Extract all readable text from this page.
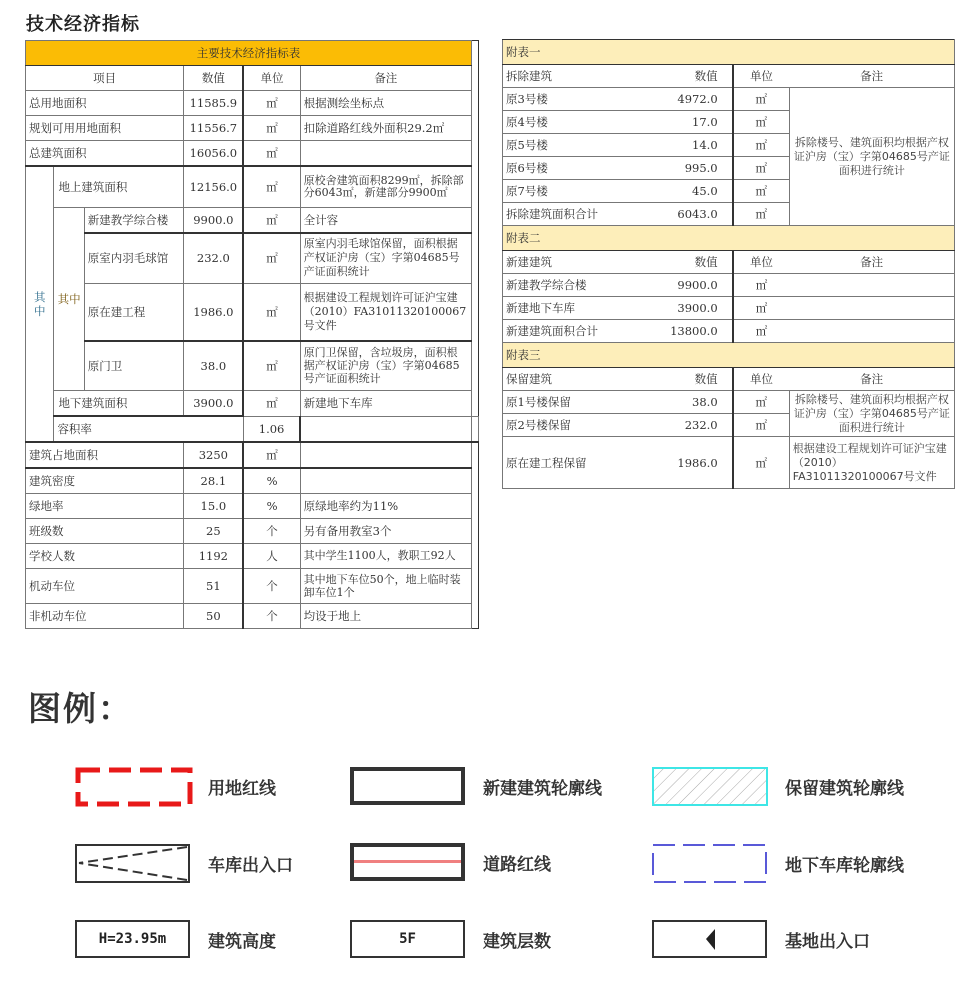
技术经济指标
主要技术经济指标表						
项目			数值	单位	备注	
总用地面积			11585.9	㎡	根据测绘坐标点	
规划可用用地面积			11556.7	㎡	扣除道路红线外面积29.2㎡	
总建筑面积			16056.0	㎡		
其中	地上建筑面积		12156.0	㎡	原校舍建筑面积8299㎡，拆除部分6043㎡，新建部分9900㎡	
	其中	新建教学综合楼	9900.0	㎡	全计容	
		原室内羽毛球馆	232.0	㎡	原室内羽毛球馆保留，面积根据产权证沪房（宝）字第04685号产证面积统计	
		原在建工程	1986.0	㎡	根据建设工程规划许可证沪宝建（2010）FA31011320100067号文件	
		原门卫	38.0	㎡	原门卫保留，含垃圾房，面积根据产权证沪房（宝）字第04685号产证面积统计	
	地下建筑面积		3900.0	㎡	新建地下车库	
	容积率			1.06		
建筑占地面积			3250	㎡		
建筑密度			28.1	%		
绿地率			15.0	%	原绿地率约为11%	
班级数			25	个	另有备用教室3个	
学校人数			1192	人	其中学生1100人，教职工92人	
机动车位			51	个	其中地下车位50个，地上临时装卸车位1个	
非机动车位			50	个	均设于地上	
附表一			
拆除建筑	数值	单位	备注
原3号楼	4972.0	㎡	拆除楼号、建筑面积均根据产权证沪房（宝）字第04685号产证面积进行统计
原4号楼	17.0	㎡	
原5号楼	14.0	㎡	
原6号楼	995.0	㎡	
原7号楼	45.0	㎡	
拆除建筑面积合计	6043.0	㎡	
附表二			
新建建筑	数值	单位	备注
新建教学综合楼	9900.0	㎡	
新建地下车库	3900.0	㎡	
新建建筑面积合计	13800.0	㎡	
附表三			
保留建筑	数值	单位	备注
原1号楼保留	38.0	㎡	拆除楼号、建筑面积均根据产权证沪房（宝）字第04685号产证面积进行统计
原2号楼保留	232.0	㎡	
原在建工程保留	1986.0	㎡	根据建设工程规划许可证沪宝建（2010）FA31011320100067号文件
图例：
用地红线	新建建筑轮廓线	保留建筑轮廓线
车库出入口	道路红线	地下车库轮廓线
H=23.95m	建筑高度	5F	建筑层数	基地出入口
